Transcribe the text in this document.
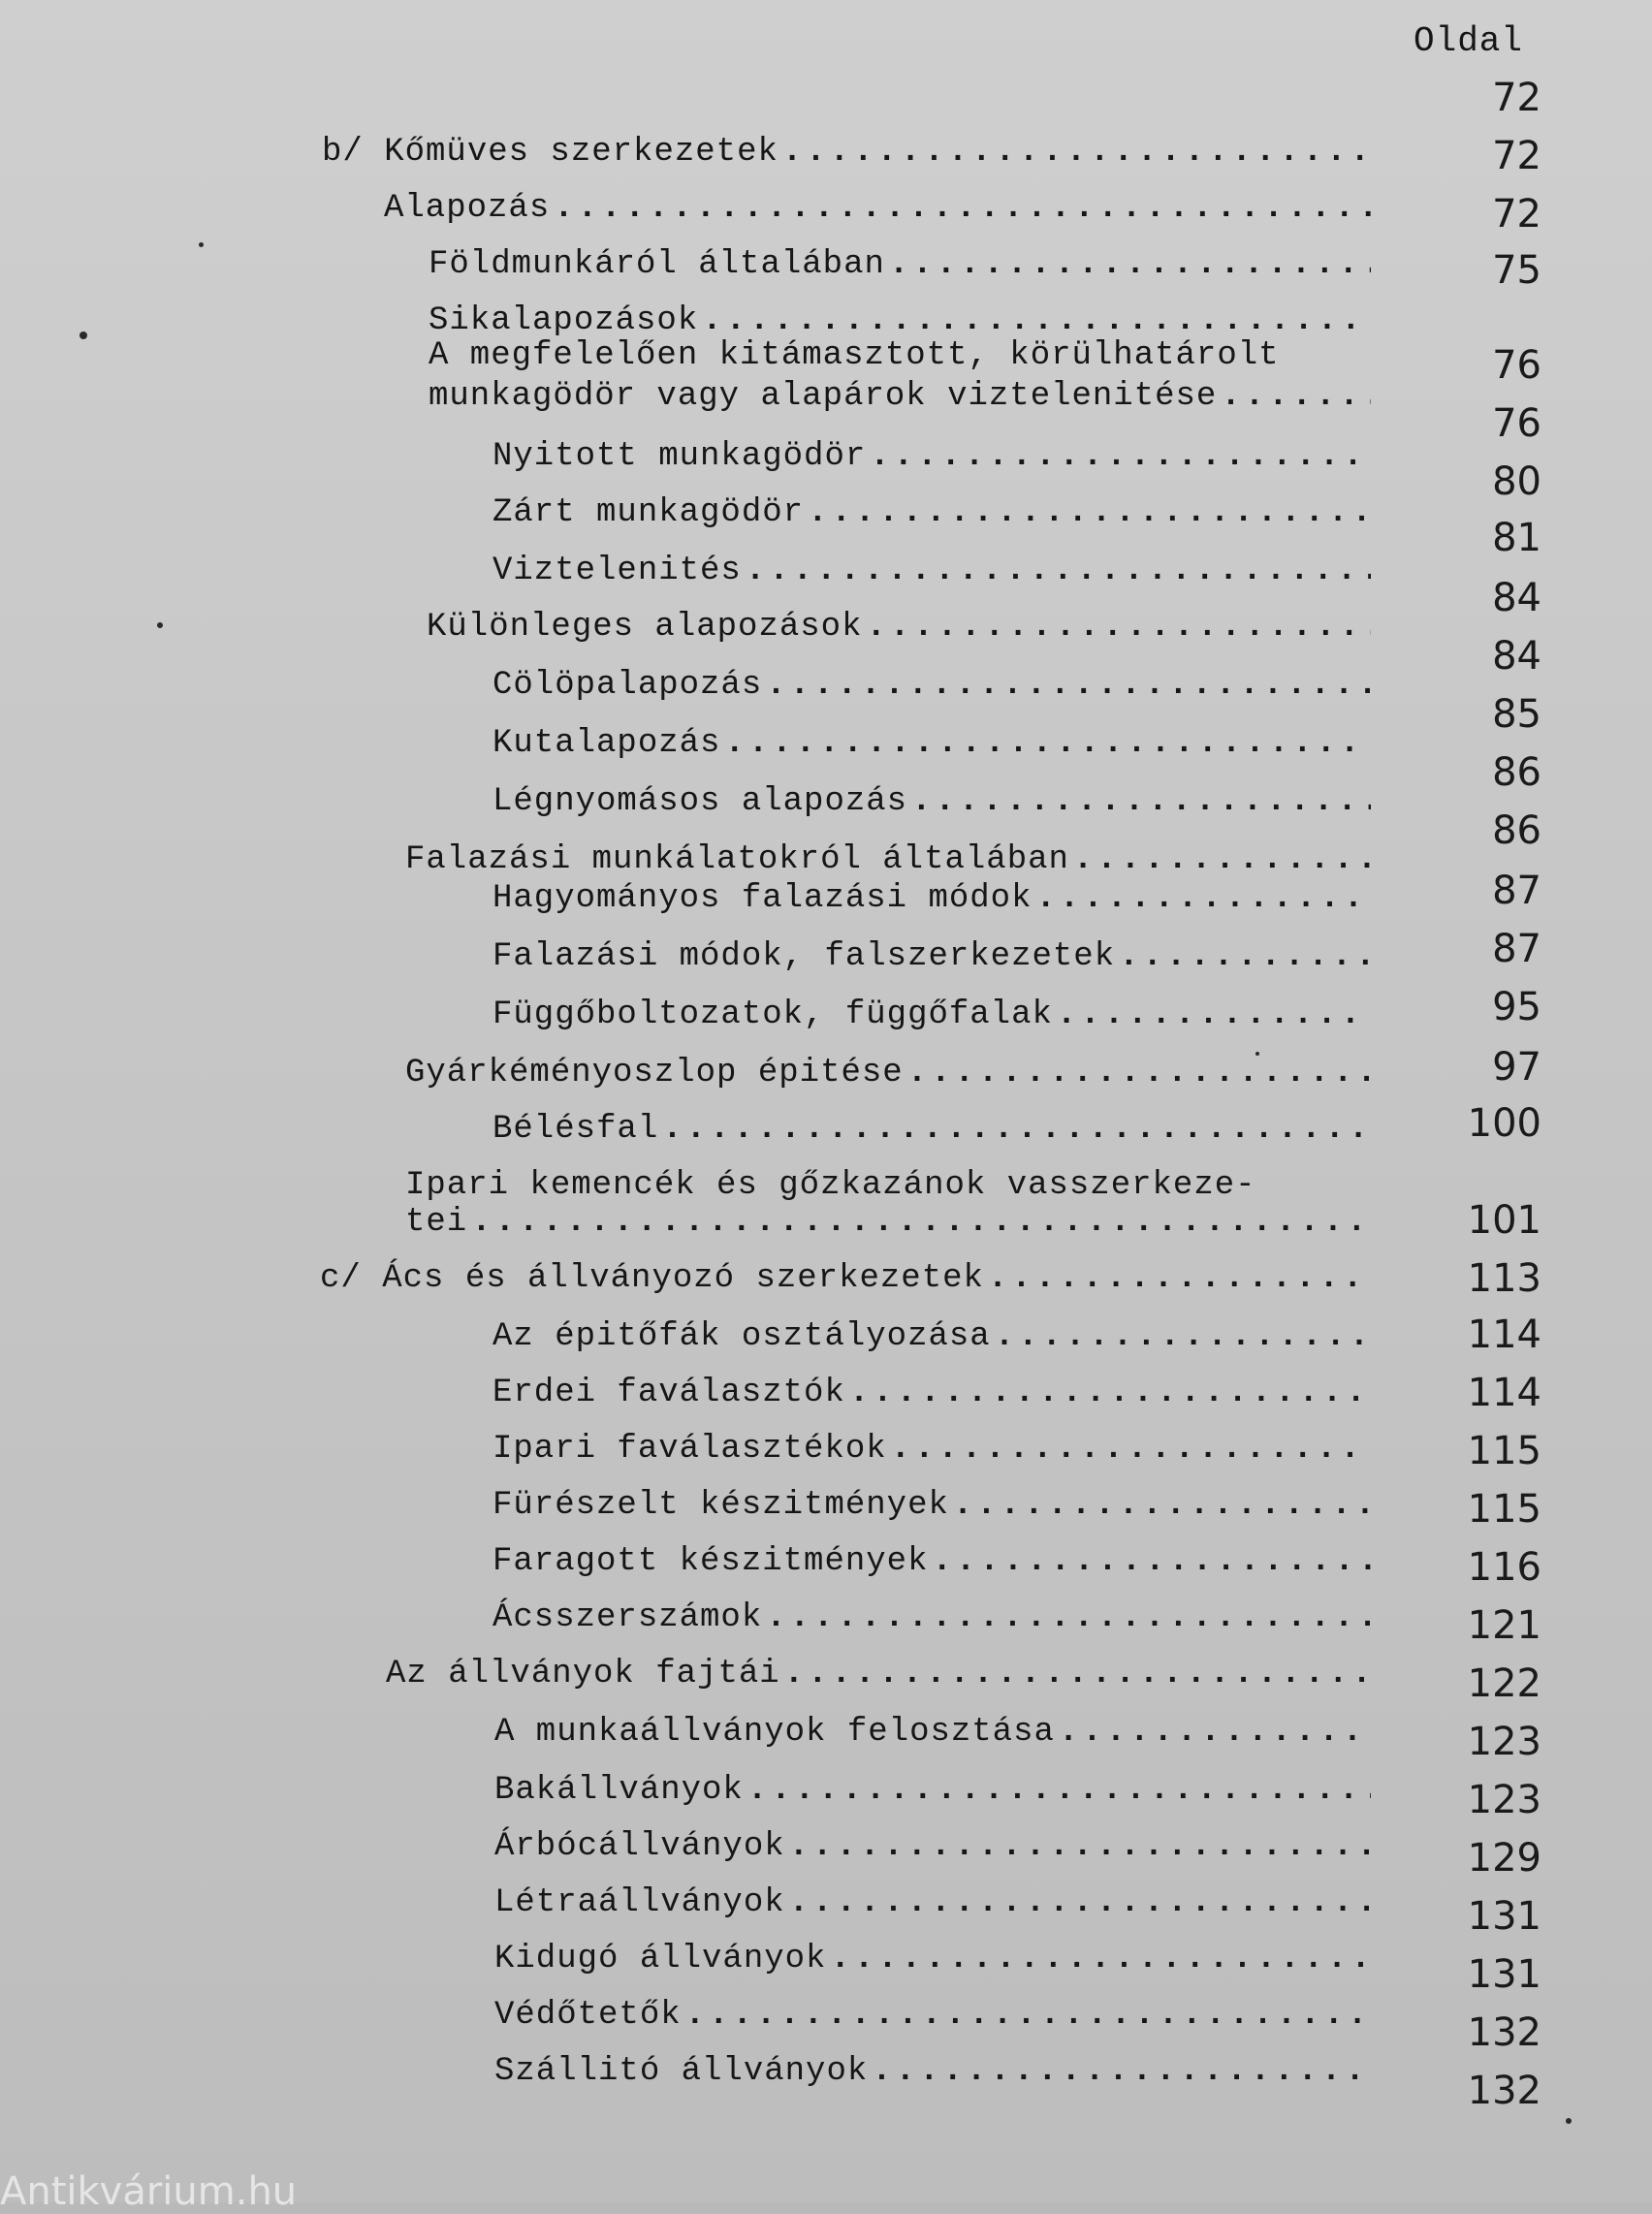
Oldal
72
72
72
75
76
76
80
81
84
84
85
86
86
87
87
95
97
100
101
113
114
114
115
115
116
121
122
123
123
129
131
131
132
132
b/ Kőmüves szerkezetek
.....
Alapozás
.....
Földmunkáról általában
.....
Sikalapozások
.....
A megfelelően kitámasztott, körülhatárolt
munkagödör vagy alapárok viztelenitése
.....
Nyitott munkagödör
.....
Zárt munkagödör
.....
Viztelenités
.....
Különleges alapozások
.....
Cölöpalapozás
.....
Kutalapozás
.....
Légnyomásos alapozás
.....
Falazási munkálatokról általában
.....
Hagyományos falazási módok
.....
Falazási módok, falszerkezetek
.....
Függőboltozatok, függőfalak
.....
Gyárkéményoszlop épitése
.....
Bélésfal
.....
Ipari kemencék és gőzkazánok vasszerkeze-
tei
.....
c/ Ács és állványozó szerkezetek
.....
Az épitőfák osztályozása
.....
Erdei faválasztók
.....
Ipari faválasztékok
.....
Fürészelt készitmények
.....
Faragott készitmények
.....
Ácsszerszámok
.....
Az állványok fajtái
.....
A munkaállványok felosztása
.....
Bakállványok
.....
Árbócállványok
.....
Létraállványok
.....
Kidugó állványok
.....
Védőtetők
.....
Szállitó állványok
.....
Antikvárium.hu
